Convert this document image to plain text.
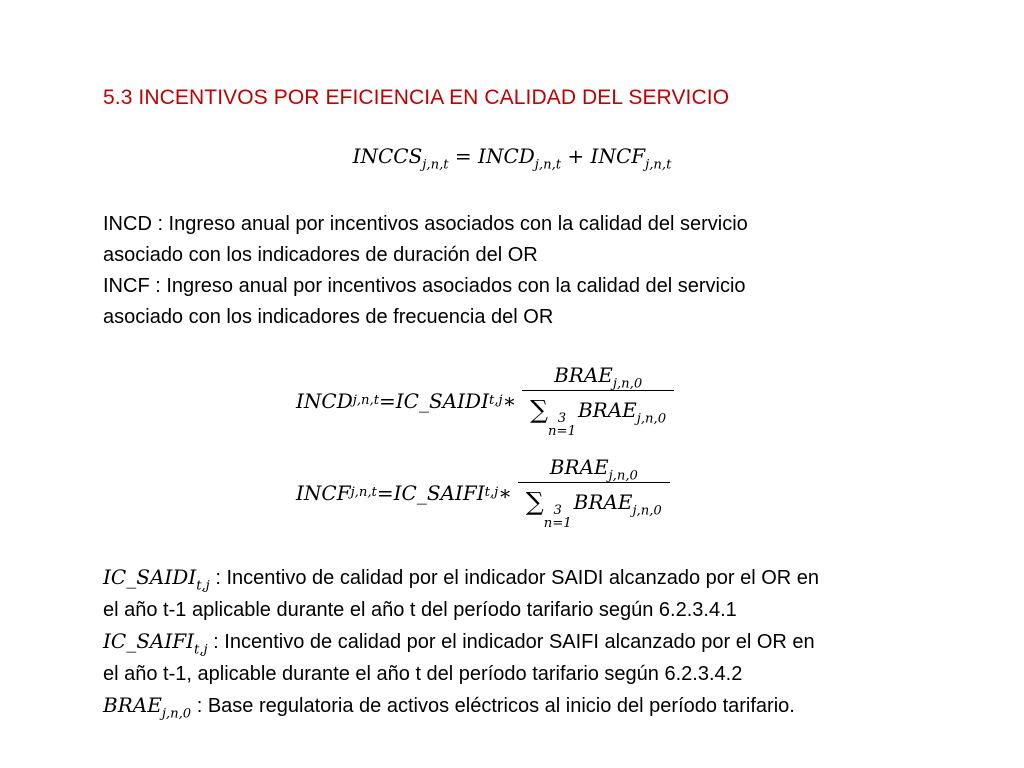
5.3 INCENTIVOS POR EFICIENCIA EN CALIDAD DEL SERVICIO
$INCCS_{j,n,t}$ = $INCD_{j,n,t}$ + $INCF_{j,n,t}$
INCD : Ingreso anual por incentivos asociados con la calidad del servicio
asociado con los indicadores de duración del OR
INCF : Ingreso anual por incentivos asociados con la calidad del servicio
asociado con los indicadores de frecuencia del OR
INCD j,n,t = IC_SAIDI t,j ∗ $BRAE_{j,n,0}$
∑ 3
n=1
$BRAE_{j,n,0}$
INCF j,n,t = IC_SAIFI t,j ∗ $BRAE_{j,n,0}$
∑ 3
n=1
$BRAE_{j,n,0}$
$IC\_SAIDI_{t,j}$ : Incentivo de calidad por el indicador SAIDI alcanzado por el OR en
el año t-1 aplicable durante el año t del período tarifario según 6.2.3.4.1
$IC\_SAIFI_{t,j}$ : Incentivo de calidad por el indicador SAIFI alcanzado por el OR en
el año t-1, aplicable durante el año t del período tarifario según 6.2.3.4.2
$BRAE_{j,n,0}$ : Base regulatoria de activos eléctricos al inicio del período tarifario.
